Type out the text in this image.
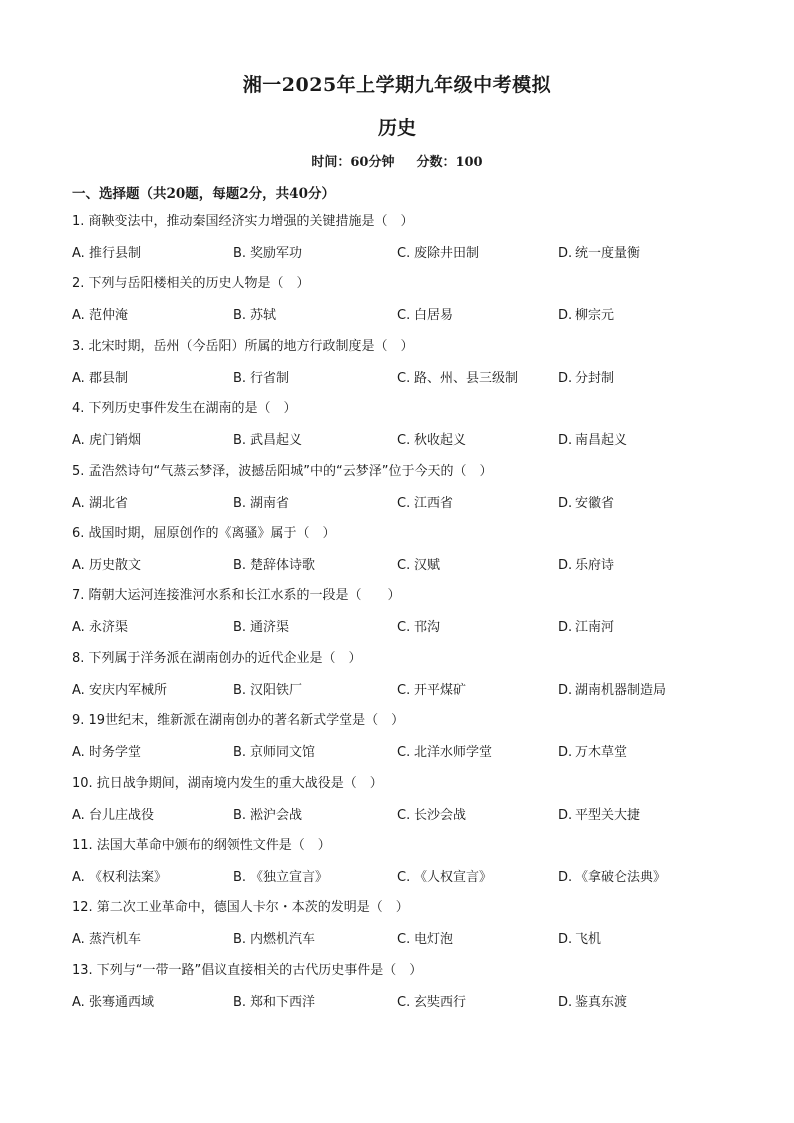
湘一2025年上学期九年级中考模拟
历史
时间：60分钟 分数：100
一、选择题（共20题，每题2分，共40分）
1. 商鞅变法中，推动秦国经济实力增强的关键措施是（　）
A. 推行县制	B. 奖励军功	C. 废除井田制	D. 统一度量衡
2. 下列与岳阳楼相关的历史人物是（　）
A. 范仲淹	B. 苏轼	C. 白居易	D. 柳宗元
3. 北宋时期，岳州（今岳阳）所属的地方行政制度是（　）
A. 郡县制	B. 行省制	C. 路、州、县三级制	D. 分封制
4. 下列历史事件发生在湖南的是（　）
A. 虎门销烟	B. 武昌起义	C. 秋收起义	D. 南昌起义
5. 孟浩然诗句“气蒸云梦泽，波撼岳阳城”中的“云梦泽”位于今天的（　）
A. 湖北省	B. 湖南省	C. 江西省	D. 安徽省
6. 战国时期，屈原创作的《离骚》属于（　）
A. 历史散文	B. 楚辞体诗歌	C. 汉赋	D. 乐府诗
7. 隋朝大运河连接淮河水系和长江水系的一段是（　　）
A. 永济渠	B. 通济渠	C. 邗沟	D. 江南河
8. 下列属于洋务派在湖南创办的近代企业是（　）
A. 安庆内军械所	B. 汉阳铁厂	C. 开平煤矿	D. 湖南机器制造局
9. 19世纪末，维新派在湖南创办的著名新式学堂是（　）
A. 时务学堂	B. 京师同文馆	C. 北洋水师学堂	D. 万木草堂
10. 抗日战争期间，湖南境内发生的重大战役是（　）
A. 台儿庄战役	B. 淞沪会战	C. 长沙会战	D. 平型关大捷
11. 法国大革命中颁布的纲领性文件是（　）
A. 《权利法案》	B. 《独立宣言》	C. 《人权宣言》	D. 《拿破仑法典》
12. 第二次工业革命中，德国人卡尔・本茨的发明是（　）
A. 蒸汽机车	B. 内燃机汽车	C. 电灯泡	D. 飞机
13. 下列与“一带一路”倡议直接相关的古代历史事件是（　）
A. 张骞通西域	B. 郑和下西洋	C. 玄奘西行	D. 鉴真东渡
